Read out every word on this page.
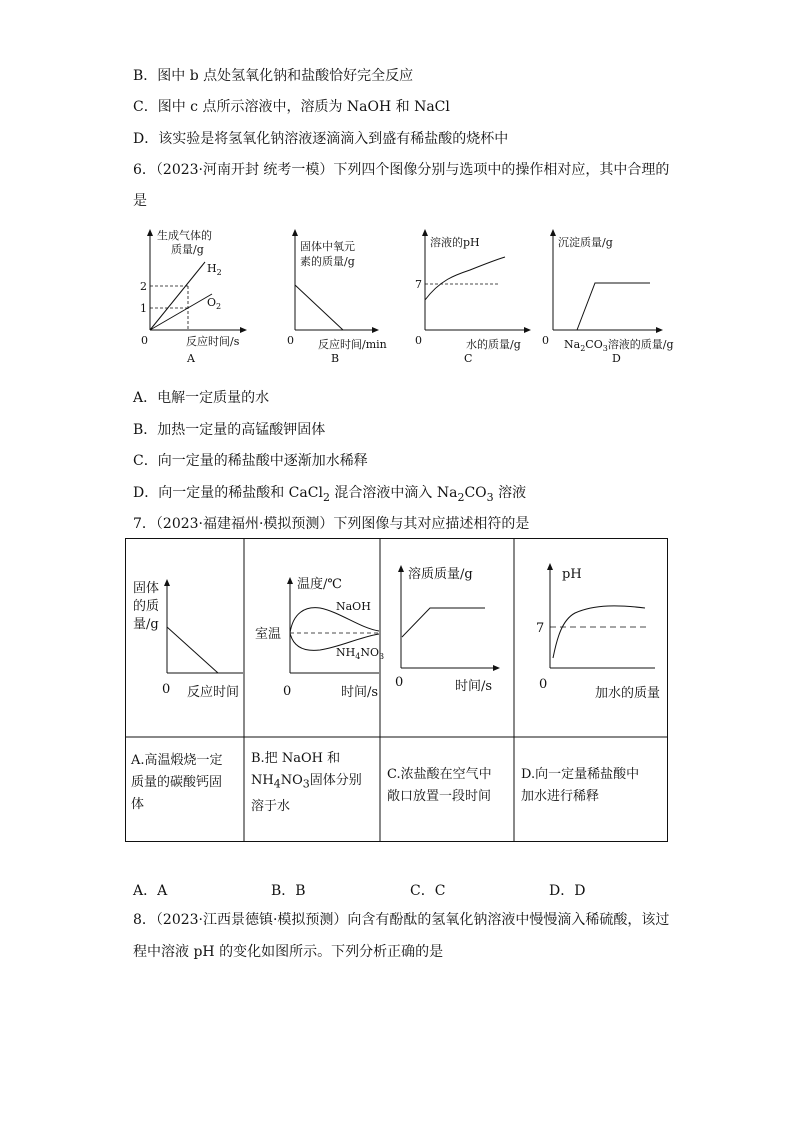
B．图中 b 点处氢氧化钠和盐酸恰好完全反应
C．图中 c 点所示溶液中，溶质为 NaOH 和 NaCl
D．该实验是将氢氧化钠溶液逐滴滴入到盛有稀盐酸的烧杯中
6．（2023·河南开封 统考一模）下列四个图像分别与选项中的操作相对应，其中合理的
是
生成气体的
质量/g
2
1
$H_2$
$O_2$
0	反应时间/s
A
固体中氧元
素的质量/g
0 反应时间/min
B
溶液的pH
7
0	水的质量/g
C
沉淀质量/g
0 $Na_2CO_3$溶液的质量/g
D
A．电解一定质量的水
B．加热一定量的高锰酸钾固体
C．向一定量的稀盐酸中逐渐加水稀释
D．向一定量的稀盐酸和 CaCl$_2$ 混合溶液中滴入 $Na_2CO_3$ 溶液
7．（2023·福建福州·模拟预测）下列图像与其对应描述相符的是
固体
的质
量/g
0 反应时间
温度/℃
室温
NaOH
$NH_4NO_3$
0	时间/s
溶质质量/g
0	时间/s
pH
7
0
加水的质量
A.高温煅烧一定
质量的碳酸钙固
体
B.把 NaOH 和
$NH_4NO_3$固体分别
溶于水
C.浓盐酸在空气中
敞口放置一段时间
D.向一定量稀盐酸中
加水进行稀释
A．A	B．B	C．C	D．D
8．（2023·江西景德镇·模拟预测）向含有酚酞的氢氧化钠溶液中慢慢滴入稀硫酸，该过
程中溶液 pH 的变化如图所示。下列分析正确的是
